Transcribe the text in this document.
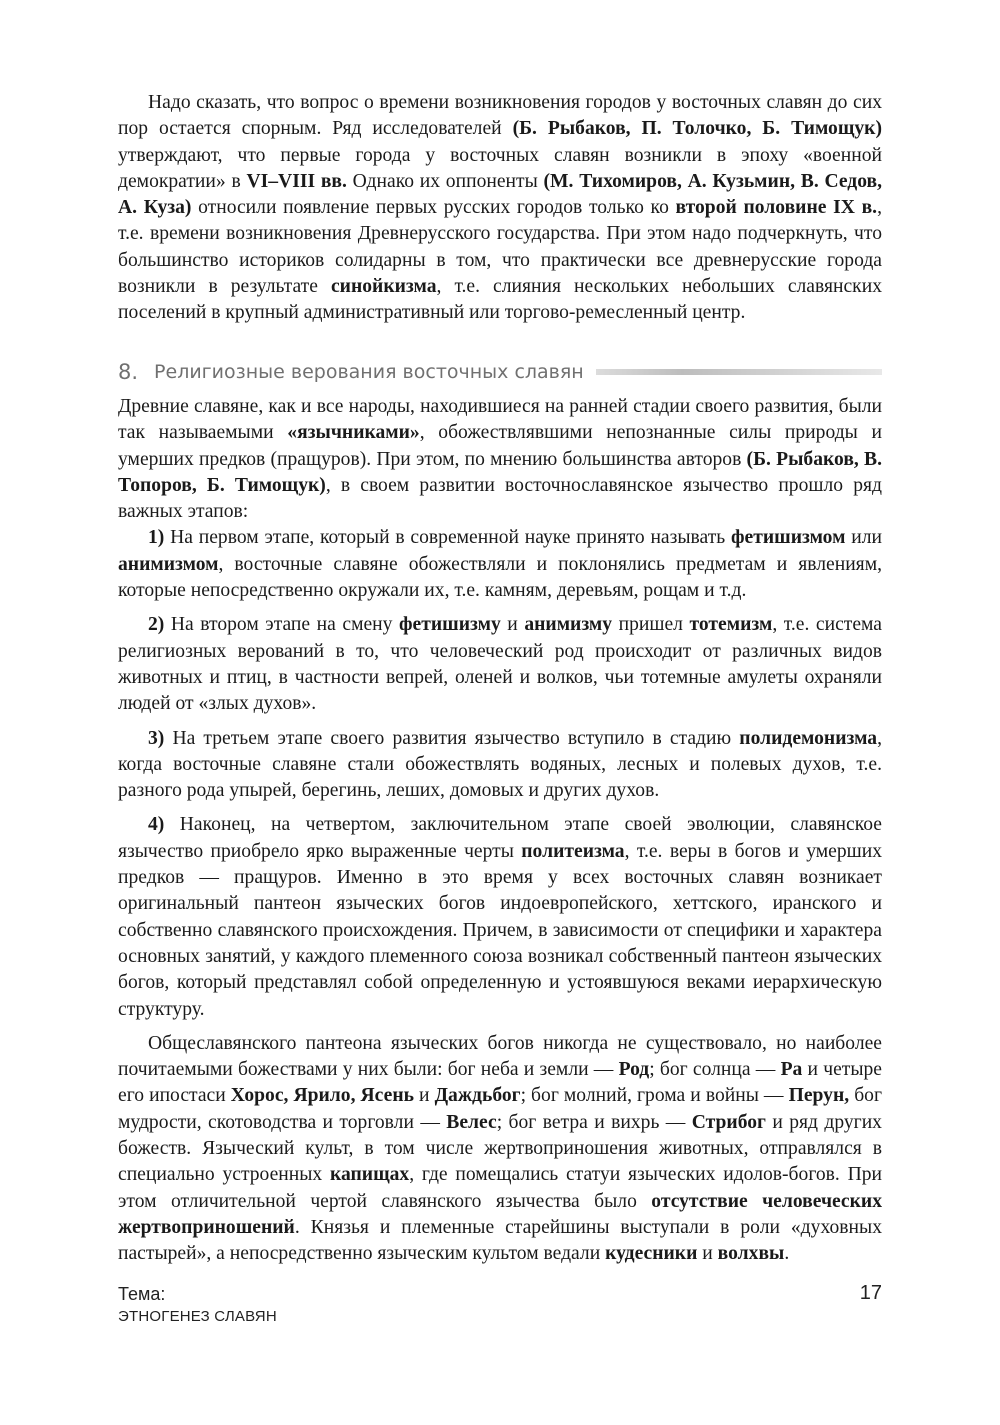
Надо сказать, что вопрос о времени возникновения городов у восточных славян до сих пор остается спорным. Ряд исследователей (Б. Рыбаков, П. Толочко, Б. Тимощук) утверждают, что первые города у восточных славян возникли в эпоху «военной демократии» в VI–VIII вв. Однако их оппоненты (М. Тихомиров, А. Кузьмин, В. Седов, А. Куза) относили появление первых русских городов только ко второй половине IX в., т.е. времени возникновения Древнерусского государства. При этом надо подчеркнуть, что большинство историков солидарны в том, что практически все древнерусские города возникли в результате синойкизма, т.е. слияния нескольких небольших славянских поселений в крупный административный или торгово-ремесленный центр.

8. Религиозные верования восточных славян

Древние славяне, как и все народы, находившиеся на ранней стадии своего развития, были так называемыми «язычниками», обожествлявшими непознанные силы природы и умерших предков (пращуров). При этом, по мнению большинства авторов (Б. Рыбаков, В. Топоров, Б. Тимощук), в своем развитии восточнославянское язычество прошло ряд важных этапов:

1) На первом этапе, который в современной науке принято называть фетишизмом или анимизмом, восточные славяне обожествляли и поклонялись предметам и явлениям, которые непосредственно окружали их, т.е. камням, деревьям, рощам и т.д.

2) На втором этапе на смену фетишизму и анимизму пришел тотемизм, т.е. система религиозных верований в то, что человеческий род происходит от различных видов животных и птиц, в частности вепрей, оленей и волков, чьи тотемные амулеты охраняли людей от «злых духов».

3) На третьем этапе своего развития язычество вступило в стадию полидемонизма, когда восточные славяне стали обожествлять водяных, лесных и полевых духов, т.е. разного рода упырей, берегинь, леших, домовых и других духов.

4) Наконец, на четвертом, заключительном этапе своей эволюции, славянское язычество приобрело ярко выраженные черты политеизма, т.е. веры в богов и умерших предков — пращуров. Именно в это время у всех восточных славян возникает оригинальный пантеон языческих богов индоевропейского, хеттского, иранского и собственно славянского происхождения. Причем, в зависимости от специфики и характера основных занятий, у каждого племенного союза возникал собственный пантеон языческих богов, который представлял собой определенную и устоявшуюся веками иерархическую структуру.

Общеславянского пантеона языческих богов никогда не существовало, но наиболее почитаемыми божествами у них были: бог неба и земли — Род; бог солнца — Ра и четыре его ипостаси Хорос, Ярило, Ясень и Даждьбог; бог молний, грома и войны — Перун, бог мудрости, скотоводства и торговли — Велес; бог ветра и вихрь — Стрибог и ряд других божеств. Языческий культ, в том числе жертвоприношения животных, отправлялся в специально устроенных капищах, где помещались статуи языческих идолов-богов. При этом отличительной чертой славянского язычества было отсутствие человеческих жертвоприношений. Князья и племенные старейшины выступали в роли «духовных пастырей», а непосредственно языческим культом ведали кудесники и волхвы.

Тема:
ЭТНОГЕНЕЗ СЛАВЯН
17
